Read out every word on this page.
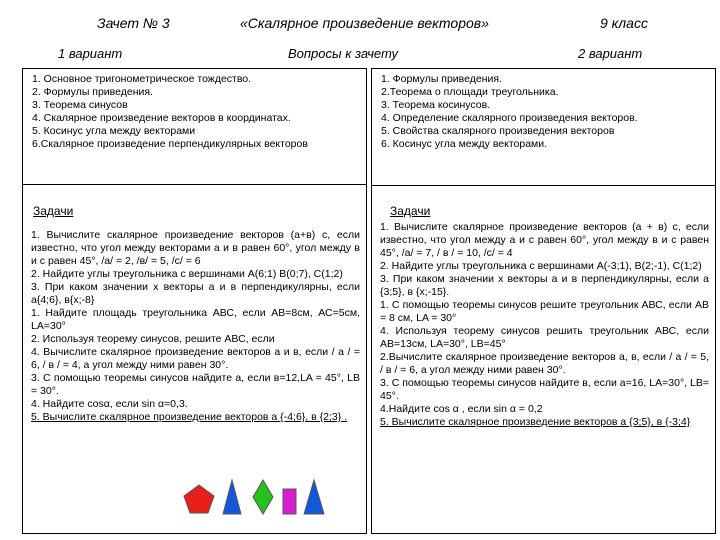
Зачет № 3	«Скалярное произведение векторов»	9 класс
1 вариант	Вопросы к зачету	2 вариант
1. Основное тригонометрическое тождество.
2. Формулы приведения.
3. Теорема синусов
4. Скалярное произведение векторов в координатах.
5. Косинус угла между векторами
6.Скалярное произведение перпендикулярных векторов
Задачи

1. Вычислите скалярное произведение векторов (a+в) с, если известно, что угол между векторами а и в равен 60°, угол между в и с равен 45°, /а/ = 2, /в/ = 5, /с/ = 6

2. Найдите углы треугольника с вершинами А(6;1) В(0;7), С(1;2)

3. При каком значении х векторы а и в перпендикулярны, если а{4;6}, в{х;-8}

1. Найдите площадь треугольника АВС, если АВ=8см, АС=5см, LА=30°

2. Используя теорему синусов, решите АВС, если

4. Вычислите скалярное произведение векторов а и в, если / а / = 6, / в / = 4, а угол между ними равен 30°.

3. С помощью теоремы синусов найдите а, если в=12,LA = 45°, LB = 30°.

4. Найдите cosα, если sin α=0,3.

5. Вычислите скалярное произведение векторов а {-4;6}, в {2;3} .

1. Формулы приведения.
2.Теорема о площади треугольника.
3. Теорема косинусов.
4. Определение скалярного произведения векторов.
5. Свойства скалярного произведения векторов
6. Косинус угла между векторами.
Задачи

1. Вычислите скалярное произведение векторов (а + в) с, если известно, что угол между а и с равен 60°, угол между в и с равен 45°, /а/ = 7, / в / = 10, /с/ = 4

2. Найдите углы треугольника с вершинами А(-3;1), В(2;-1), С(1;2)

3. При каком значении х векторы а и в перпендикулярны, если а {3;5}, в {х;-15}.

1. С помощью теоремы синусов решите треугольник АВС, если АВ = 8 см, LA = 30°

4. Используя теорему синусов решить треугольник АВС, если АВ=13см, LA=30°, LB=45°

2.Вычислите скалярное произведение векторов а, в, если / а / = 5, / в / = 6, а угол между ними равен 30°.

3. С помощью теоремы синусов найдите в, если а=16, LA=30°, LB= 45°.

4.Найдите cos α , если sin α = 0,2

5. Вычислите скалярное произведение векторов а {3;5}, в {-3;4}
